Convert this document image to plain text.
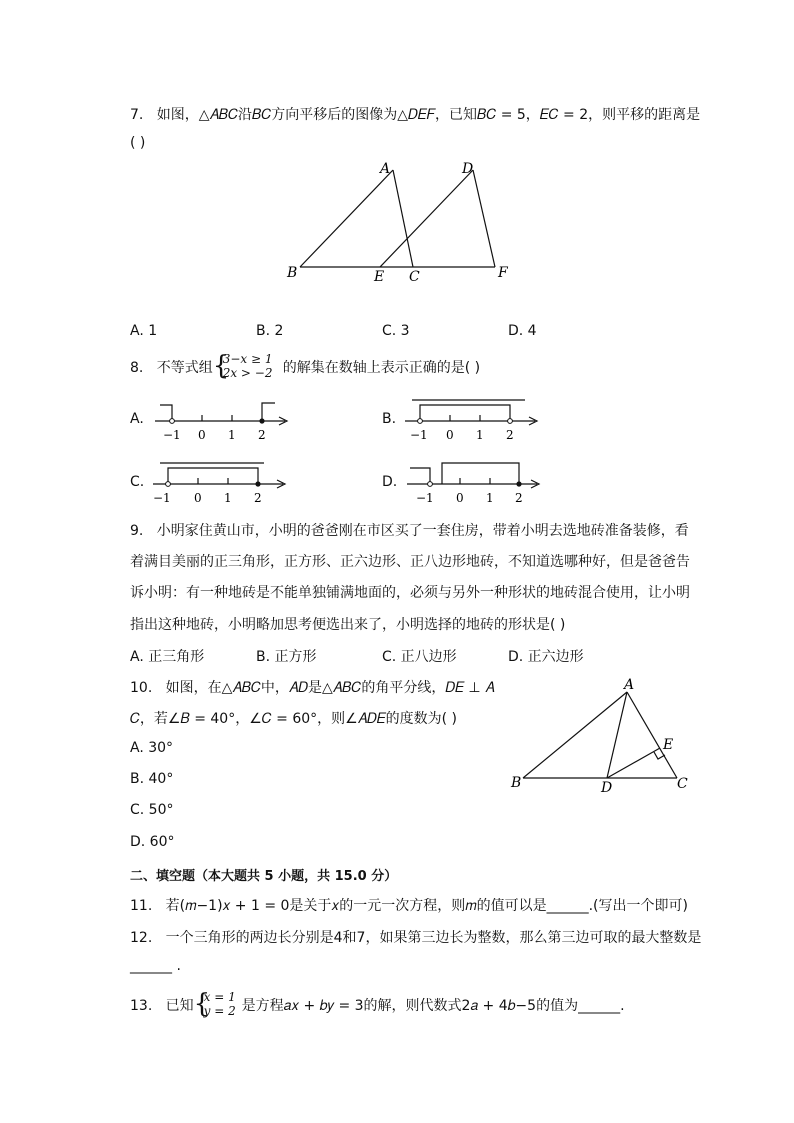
7. 如图，△𝐴𝐵𝐶沿𝐵𝐶方向平移后的图像为△𝐷𝐸𝐹，已知𝐵𝐶 = 5，𝐸𝐶 = 2，则平移的距离是
( )
A
B	C
D
E	F
A. 1	B. 2	C. 3	D. 4
8. 不等式组 {
3−𝑥 ≥ 1
2𝑥 > −2 的解集在数轴上表示正确的是( )
A.
−1 0 1 2
B.
−1 0 1 2
C.
−1 0 1 2
D.
−1 0 1 2
9. 小明家住黄山市，小明的爸爸刚在市区买了一套住房，带着小明去选地砖准备装修，看
着满目美丽的正三角形，正方形、正六边形、正八边形地砖，不知道选哪种好，但是爸爸告
诉小明：有一种地砖是不能单独铺满地面的，必须与另外一种形状的地砖混合使用，让小明
指出这种地砖，小明略加思考便选出来了，小明选择的地砖的形状是( )
A. 正三角形	B. 正方形	C. 正八边形	D. 正六边形
10. 如图，在△𝐴𝐵𝐶中，𝐴𝐷是△𝐴𝐵𝐶的角平分线，𝐷𝐸 ⊥ 𝐴
𝐶，若∠𝐵 = 40°，∠𝐶 = 60°，则∠𝐴𝐷𝐸的度数为( )
A. 30°
B. 40°
C. 50°
D. 60°
A
B	C
D
E
二、填空题（本大题共 5 小题，共 15.0 分）
11. 若(𝑚−1)𝑥 + 1 = 0是关于𝑥的一元一次方程，则𝑚的值可以是______.(写出一个即可)
12. 一个三角形的两边长分别是4和7，如果第三边长为整数，那么第三边可取的最大整数是
______ .
13. 已知 {
𝑥 = 1
𝑦 = 2 是方程𝑎𝑥 + 𝑏𝑦 = 3的解，则代数式2𝑎 + 4𝑏−5的值为______.
